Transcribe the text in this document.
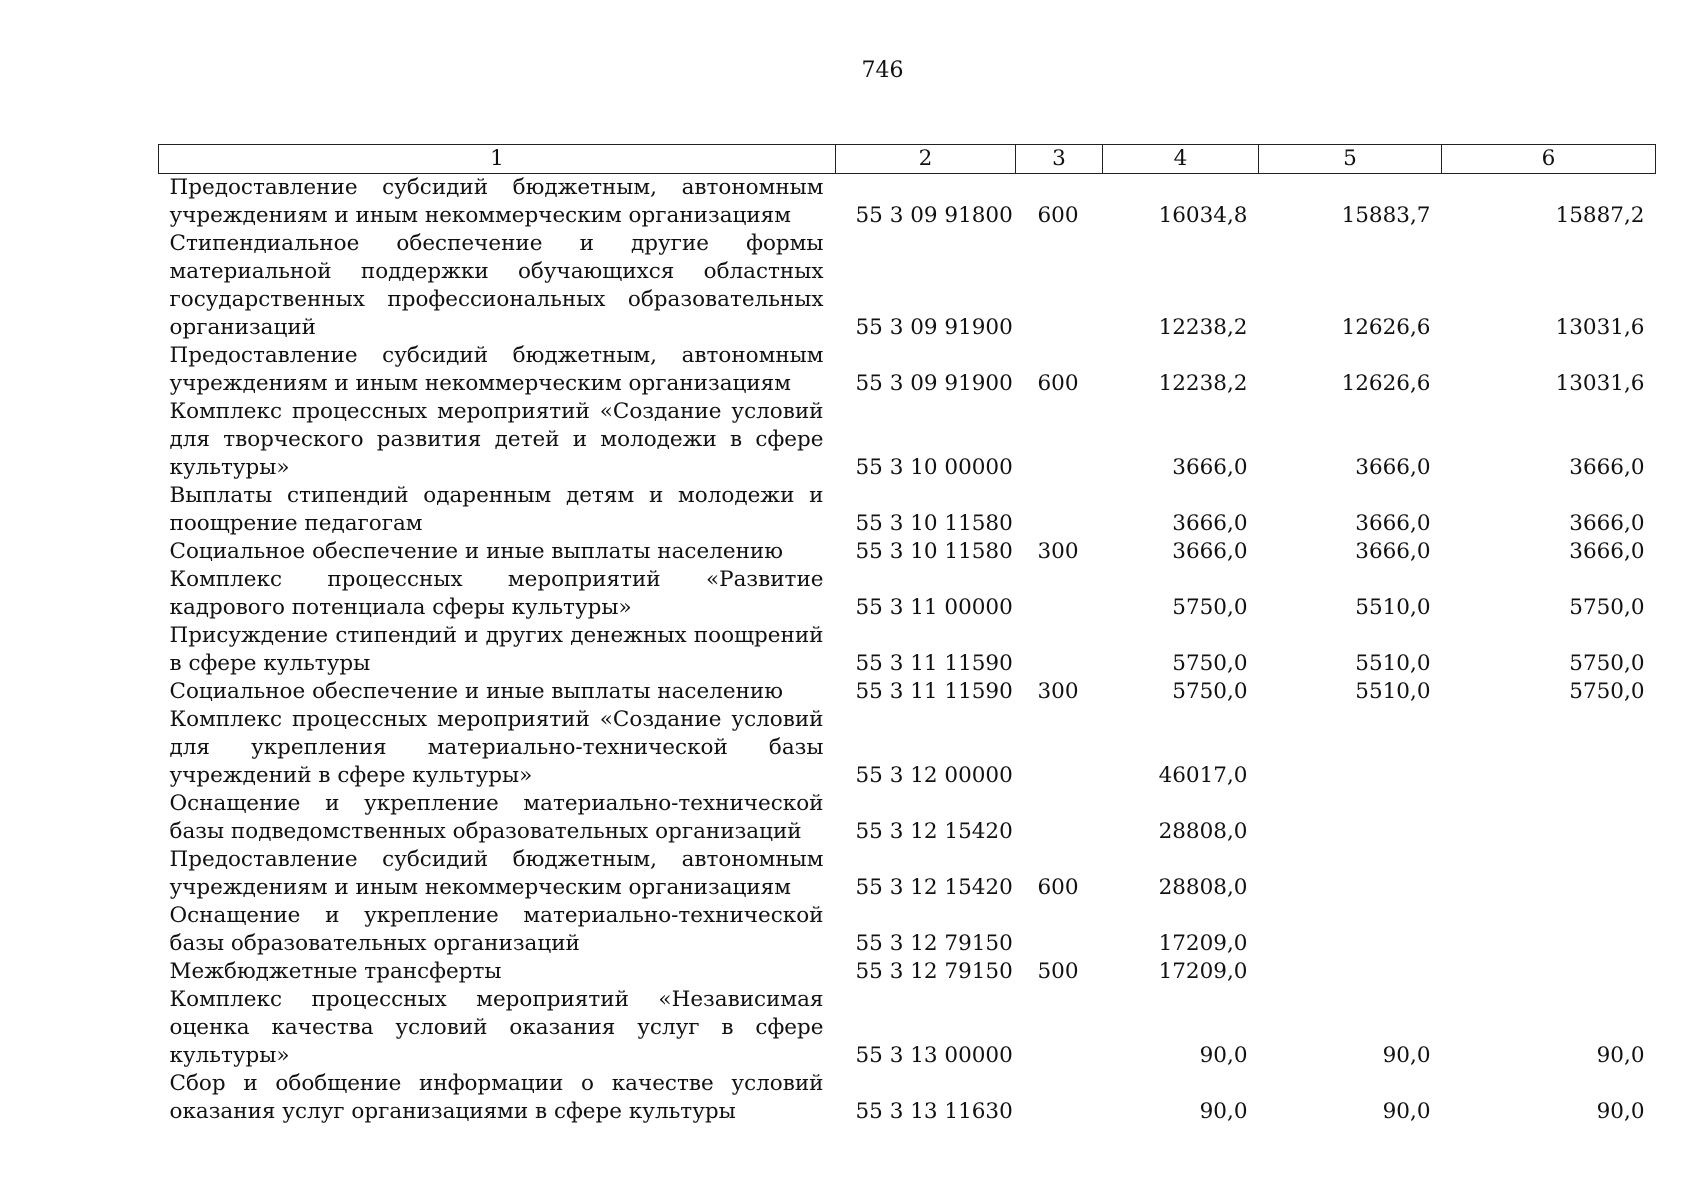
746
1	2	3	4	5	6
Предоставление субсидий бюджетным, автономным учреждениям и иным некоммерческим организациям	55 3 09 91800	600	16034,8	15883,7	15887,2
Стипендиальное обеспечение и другие формы материальной поддержки обучающихся областных государственных профессиональных образовательных организаций	55 3 09 91900		12238,2	12626,6	13031,6
Предоставление субсидий бюджетным, автономным учреждениям и иным некоммерческим организациям	55 3 09 91900	600	12238,2	12626,6	13031,6
Комплекс процессных мероприятий «Создание условий для творческого развития детей и молодежи в сфере культуры»	55 3 10 00000		3666,0	3666,0	3666,0
Выплаты стипендий одаренным детям и молодежи и поощрение педагогам	55 3 10 11580		3666,0	3666,0	3666,0
Социальное обеспечение и иные выплаты населению	55 3 10 11580	300	3666,0	3666,0	3666,0
Комплекс процессных мероприятий «Развитие кадрового потенциала сферы культуры»	55 3 11 00000		5750,0	5510,0	5750,0
Присуждение стипендий и других денежных поощрений в сфере культуры	55 3 11 11590		5750,0	5510,0	5750,0
Социальное обеспечение и иные выплаты населению	55 3 11 11590	300	5750,0	5510,0	5750,0
Комплекс процессных мероприятий «Создание условий для укрепления материально-технической базы учреждений в сфере культуры»	55 3 12 00000		46017,0		
Оснащение и укрепление материально-технической базы подведомственных образовательных организаций	55 3 12 15420		28808,0		
Предоставление субсидий бюджетным, автономным учреждениям и иным некоммерческим организациям	55 3 12 15420	600	28808,0		
Оснащение и укрепление материально-технической базы образовательных организаций	55 3 12 79150		17209,0		
Межбюджетные трансферты	55 3 12 79150	500	17209,0		
Комплекс процессных мероприятий «Независимая оценка качества условий оказания услуг в сфере культуры»	55 3 13 00000		90,0	90,0	90,0
Сбор и обобщение информации о качестве условий оказания услуг организациями в сфере культуры	55 3 13 11630		90,0	90,0	90,0
